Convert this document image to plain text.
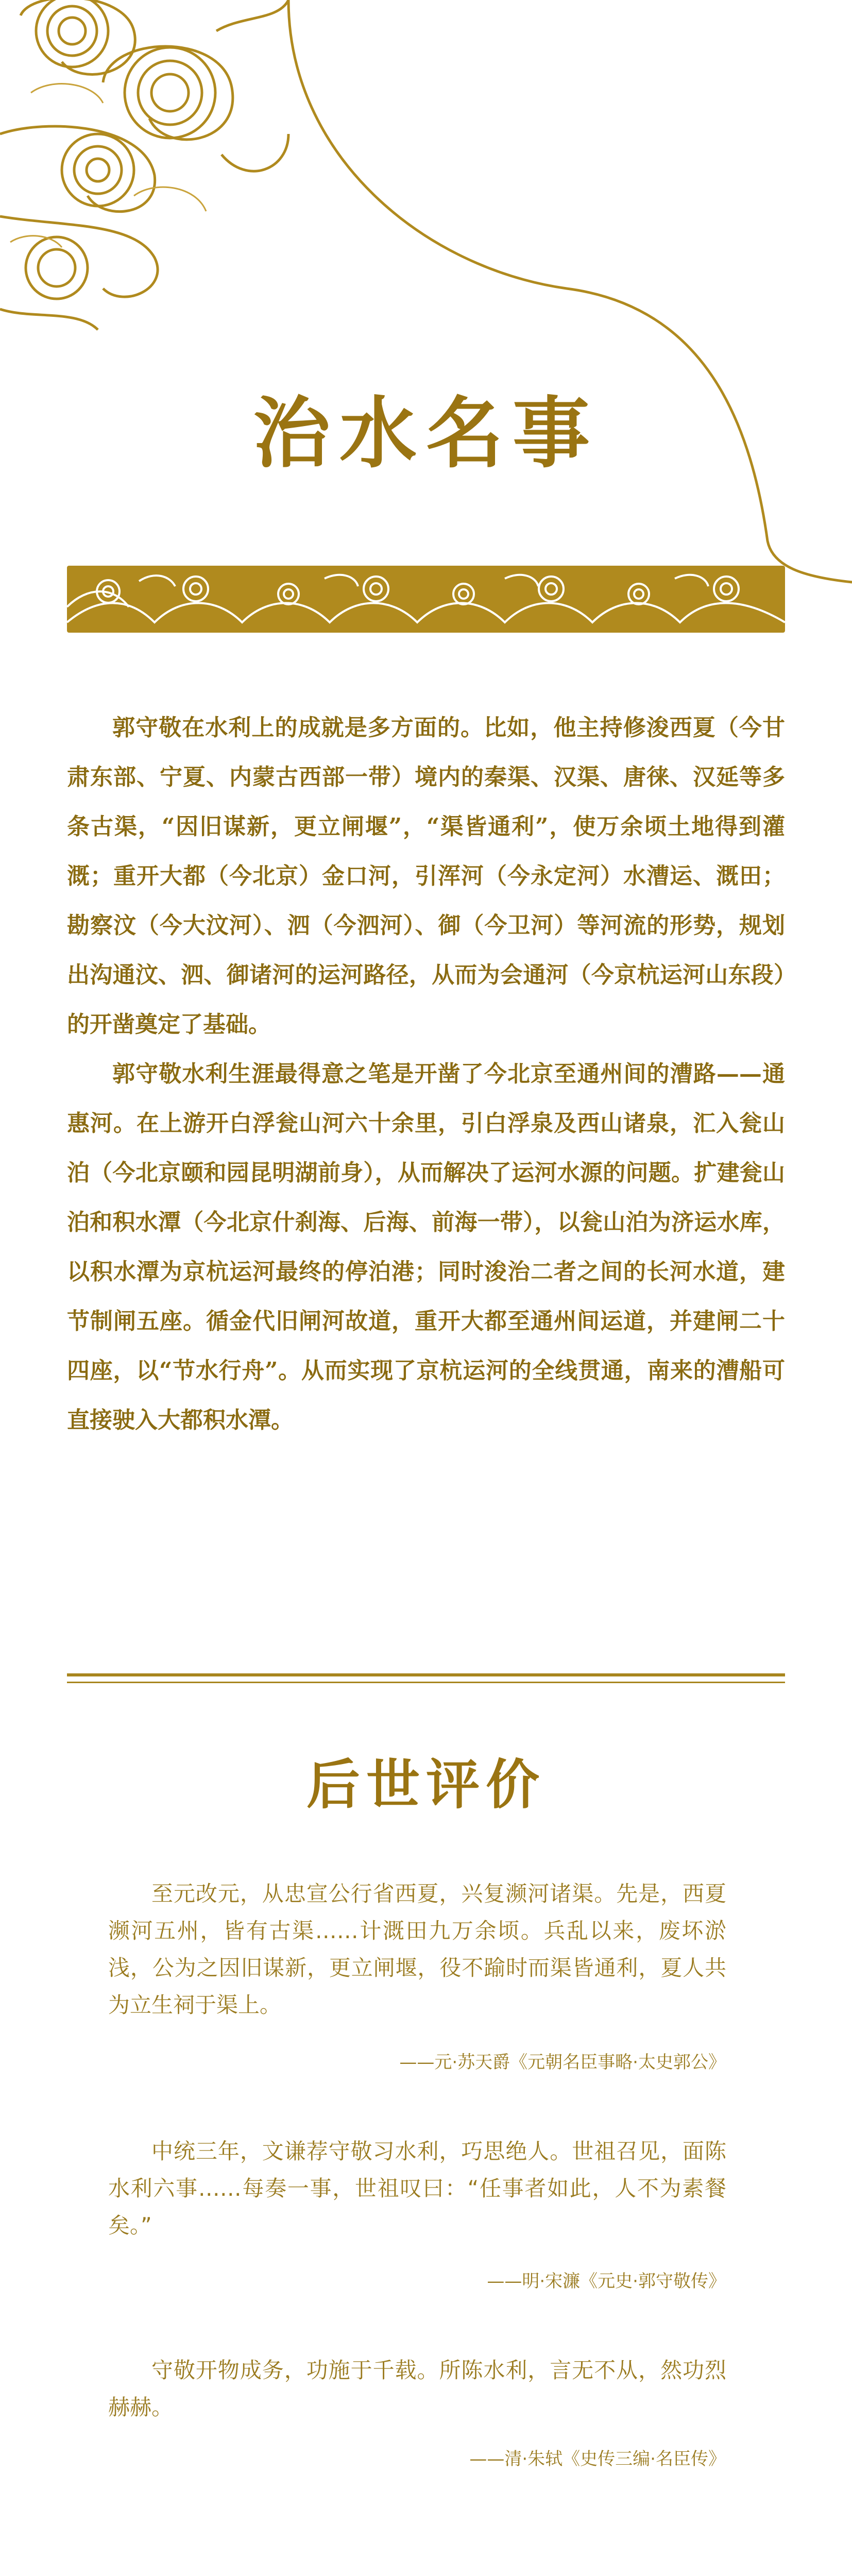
治水名事

郭守敬在水利上的成就是多方面的。比如，他主持修浚西夏（今甘肃东部、宁夏、内蒙古西部一带）境内的秦渠、汉渠、唐徕、汉延等多条古渠，“因旧谋新，更立闸堰”，“渠皆通利”，使万余顷土地得到灌溉；重开大都（今北京）金口河，引浑河（今永定河）水漕运、溉田；勘察汶（今大汶河）、泗（今泗河）、御（今卫河）等河流的形势，规划出沟通汶、泗、御诸河的运河路径，从而为会通河（今京杭运河山东段）的开凿奠定了基础。

郭守敬水利生涯最得意之笔是开凿了今北京至通州间的漕路——通惠河。在上游开白浮瓮山河六十余里，引白浮泉及西山诸泉，汇入瓮山泊（今北京颐和园昆明湖前身），从而解决了运河水源的问题。扩建瓮山泊和积水潭（今北京什刹海、后海、前海一带），以瓮山泊为济运水库，以积水潭为京杭运河最终的停泊港；同时浚治二者之间的长河水道，建节制闸五座。循金代旧闸河故道，重开大都至通州间运道，并建闸二十四座，以“节水行舟”。从而实现了京杭运河的全线贯通，南来的漕船可直接驶入大都积水潭。

后世评价

至元改元，从忠宣公行省西夏，兴复濒河诸渠。先是，西夏濒河五州，皆有古渠……计溉田九万余顷。兵乱以来，废坏淤浅，公为之因旧谋新，更立闸堰，役不踰时而渠皆通利，夏人共为立生祠于渠上。

——元·苏天爵《元朝名臣事略·太史郭公》

中统三年，文谦荐守敬习水利，巧思绝人。世祖召见，面陈水利六事……每奏一事，世祖叹曰：“任事者如此，人不为素餐矣。”

——明·宋濂《元史·郭守敬传》

守敬开物成务，功施于千载。所陈水利，言无不从，然功烈赫赫。

——清·朱轼《史传三编·名臣传》
